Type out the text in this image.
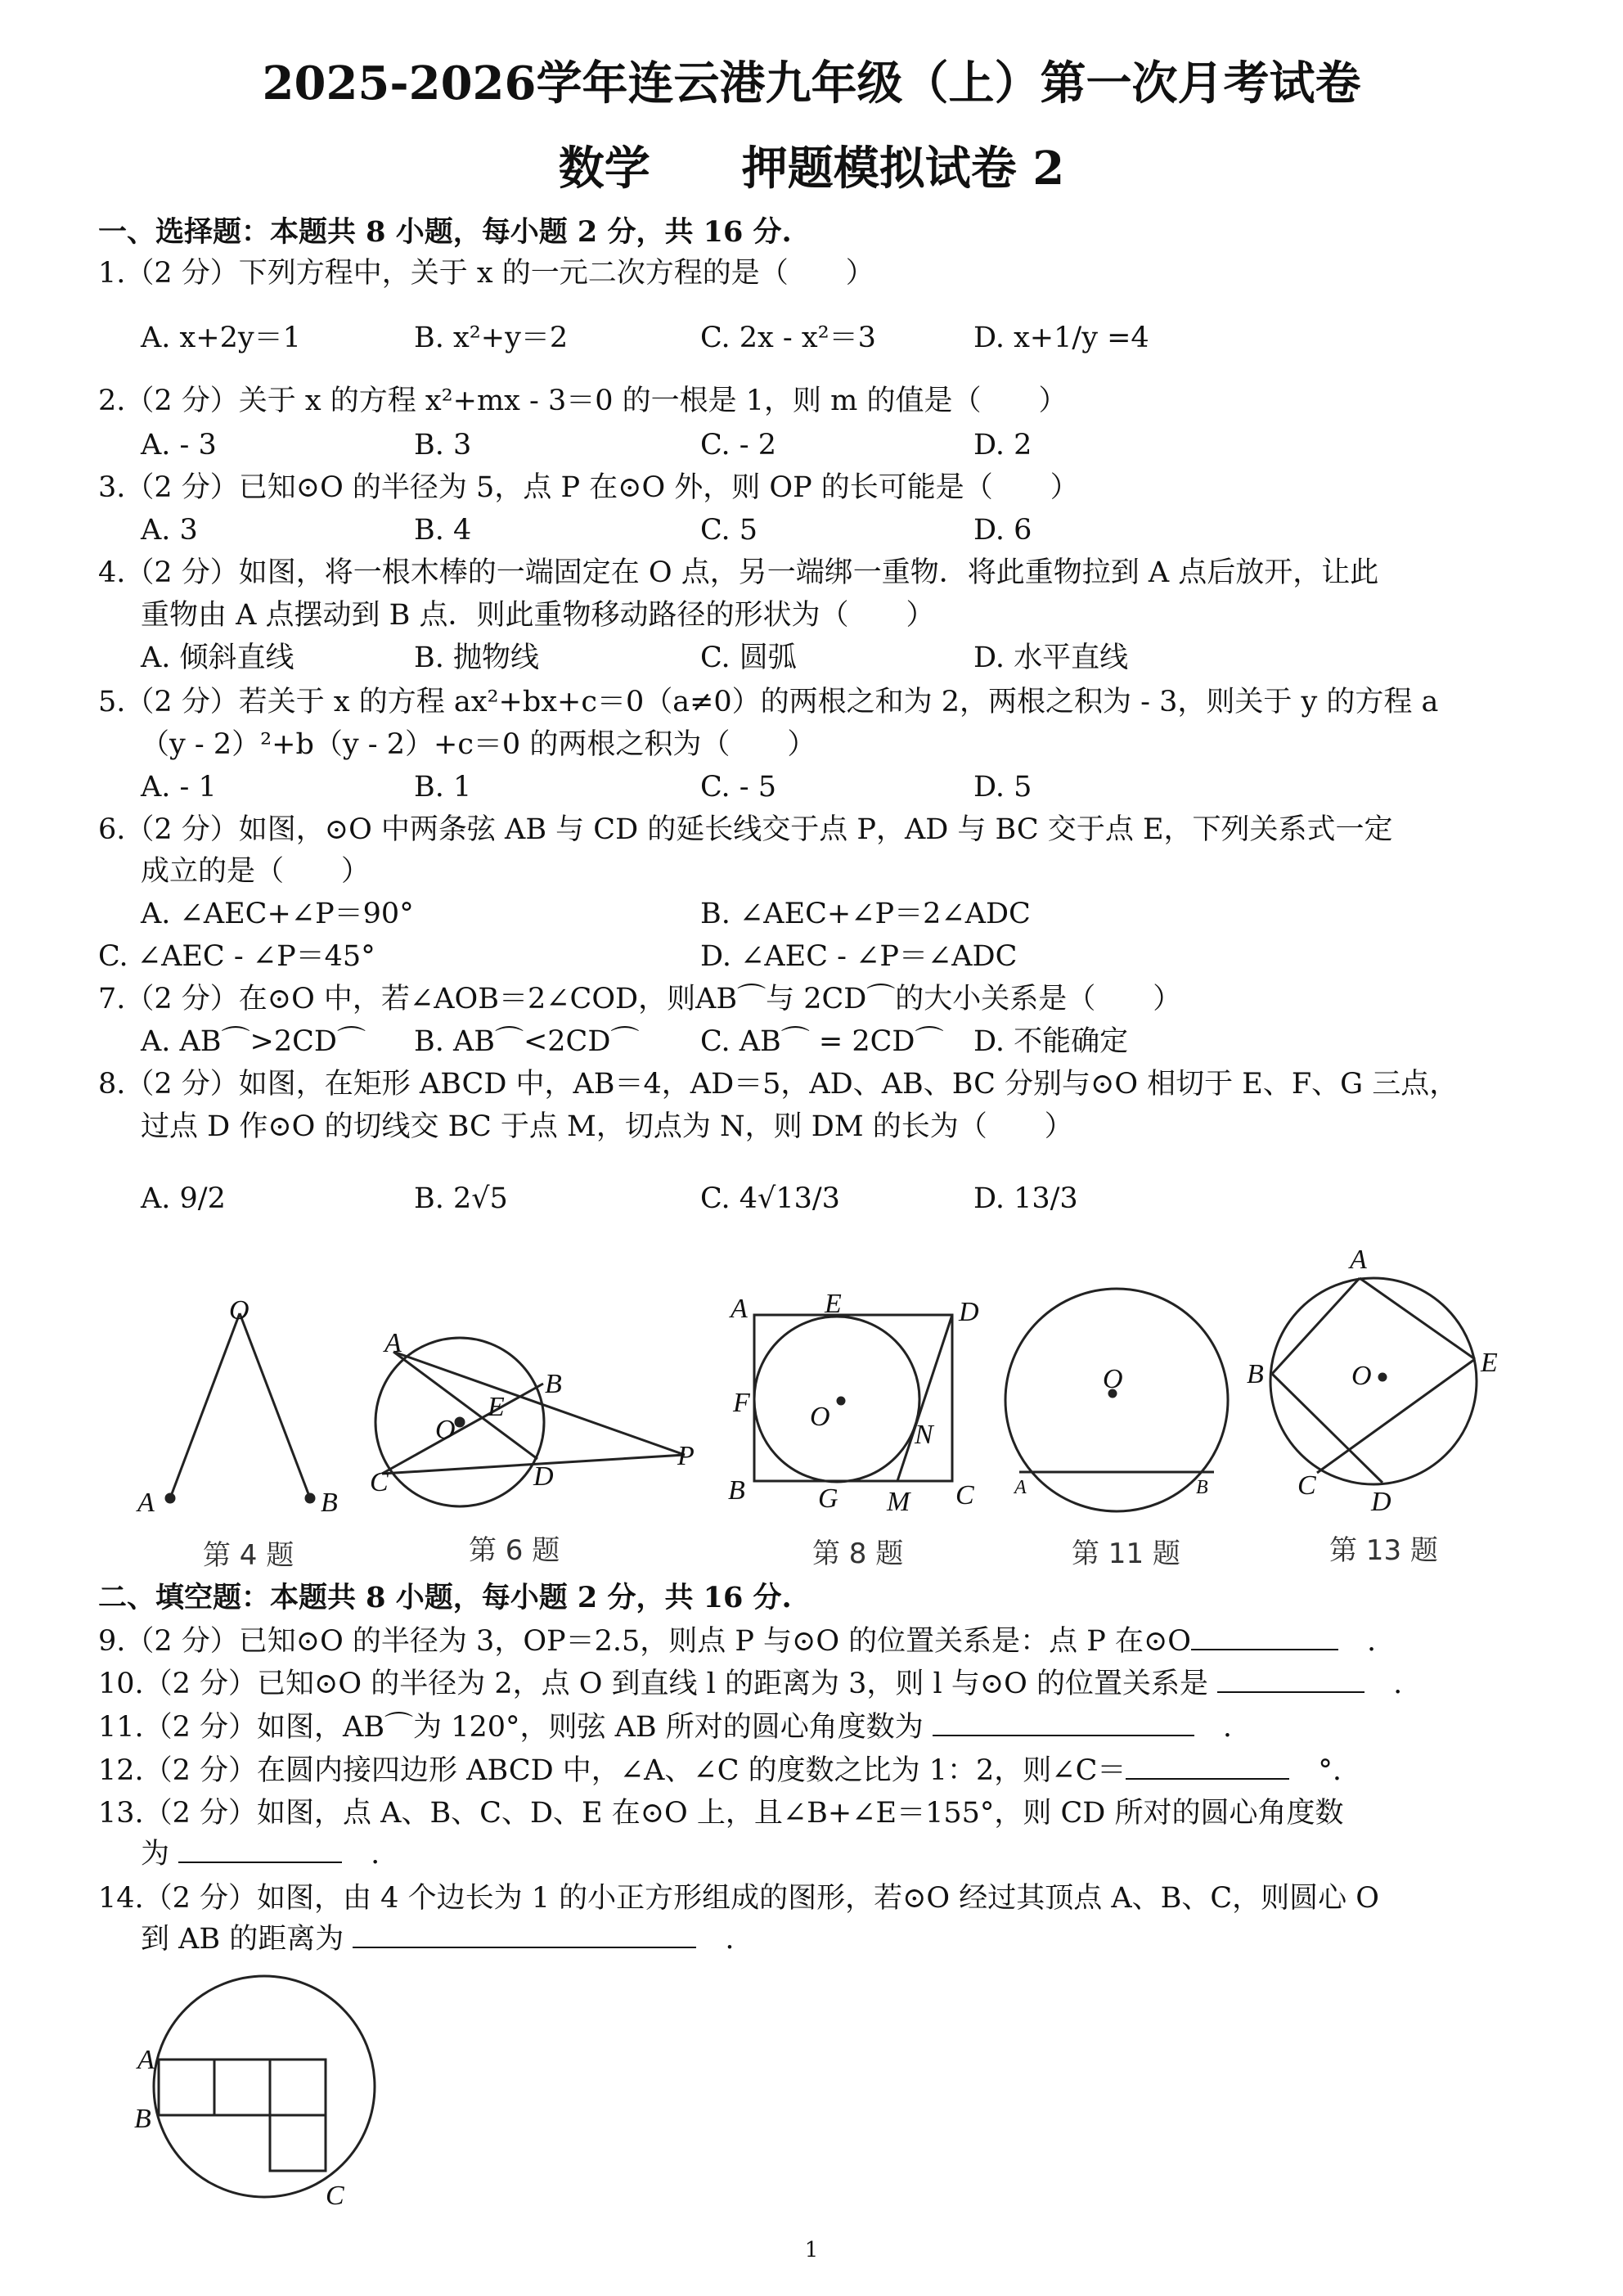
2025-2026学年连云港九年级（上）第一次月考试卷
数学　　押题模拟试卷 2
一、选择题：本题共 8 小题，每小题 2 分，共 16 分.
1.（2 分）下列方程中，关于 x 的一元二次方程的是（　　）
A. x+2y＝1	B. x²+y＝2	C. 2x - x²＝3	D. x+1/y =4
2.（2 分）关于 x 的方程 x²+mx - 3＝0 的一根是 1，则 m 的值是（　　）
A. - 3	B. 3	C. - 2	D. 2
3.（2 分）已知⊙O 的半径为 5，点 P 在⊙O 外，则 OP 的长可能是（　　）
A. 3	B. 4	C. 5	D. 6
4.（2 分）如图，将一根木棒的一端固定在 O 点，另一端绑一重物．将此重物拉到 A 点后放开，让此
重物由 A 点摆动到 B 点．则此重物移动路径的形状为（　　）
A. 倾斜直线	B. 抛物线	C. 圆弧	D. 水平直线
5.（2 分）若关于 x 的方程 ax²+bx+c＝0（a≠0）的两根之和为 2，两根之积为 - 3，则关于 y 的方程 a
（y - 2）²+b（y - 2）+c＝0 的两根之积为（　　）
A. - 1	B. 1	C. - 5	D. 5
6.（2 分）如图，⊙O 中两条弦 AB 与 CD 的延长线交于点 P，AD 与 BC 交于点 E，下列关系式一定
成立的是（　　）
A. ∠AEC+∠P＝90°	B. ∠AEC+∠P＝2∠ADC
C. ∠AEC - ∠P＝45°	D. ∠AEC - ∠P＝∠ADC
7.（2 分）在⊙O 中，若∠AOB＝2∠COD，则AB⌒与 2CD⌒的大小关系是（　　）
A. AB⌒>2CD⌒ B. AB⌒<2CD⌒ C. AB⌒ = 2CD⌒ D. 不能确定
8.（2 分）如图，在矩形 ABCD 中，AB＝4，AD＝5，AD、AB、BC 分别与⊙O 相切于 E、F、G 三点，
过点 D 作⊙O 的切线交 BC 于点 M，切点为 N，则 DM 的长为（　　）
A. 9/2	B. 2√5	C. 4√13/3	D. 13/3
O
A	B
第 4 题
A
B
E
O
C	D
P
第 6 题
A	E	D
F O
N
B	G M C
第 8 题
O
A	B
第 11 题
A
B	O	E
C
D
第 13 题
A
B
C
二、填空题：本题共 8 小题，每小题 2 分，共 16 分.
9.（2 分）已知⊙O 的半径为 3，OP＝2.5，则点 P 与⊙O 的位置关系是：点 P 在⊙O　	.
10.（2 分）已知⊙O 的半径为 2，点 O 到直线 l 的距离为 3，则 l 与⊙O 的位置关系是 　	.
11.（2 分）如图，AB⌒为 120°，则弦 AB 所对的圆心角度数为 　	.
12.（2 分）在圆内接四边形 ABCD 中，∠A、∠C 的度数之比为 1：2，则∠C＝　	°.
13.（2 分）如图，点 A、B、C、D、E 在⊙O 上，且∠B+∠E＝155°，则 CD 所对的圆心角度数
为 　	.
14.（2 分）如图，由 4 个边长为 1 的小正方形组成的图形，若⊙O 经过其顶点 A、B、C，则圆心 O
到 AB 的距离为 　	.
1
